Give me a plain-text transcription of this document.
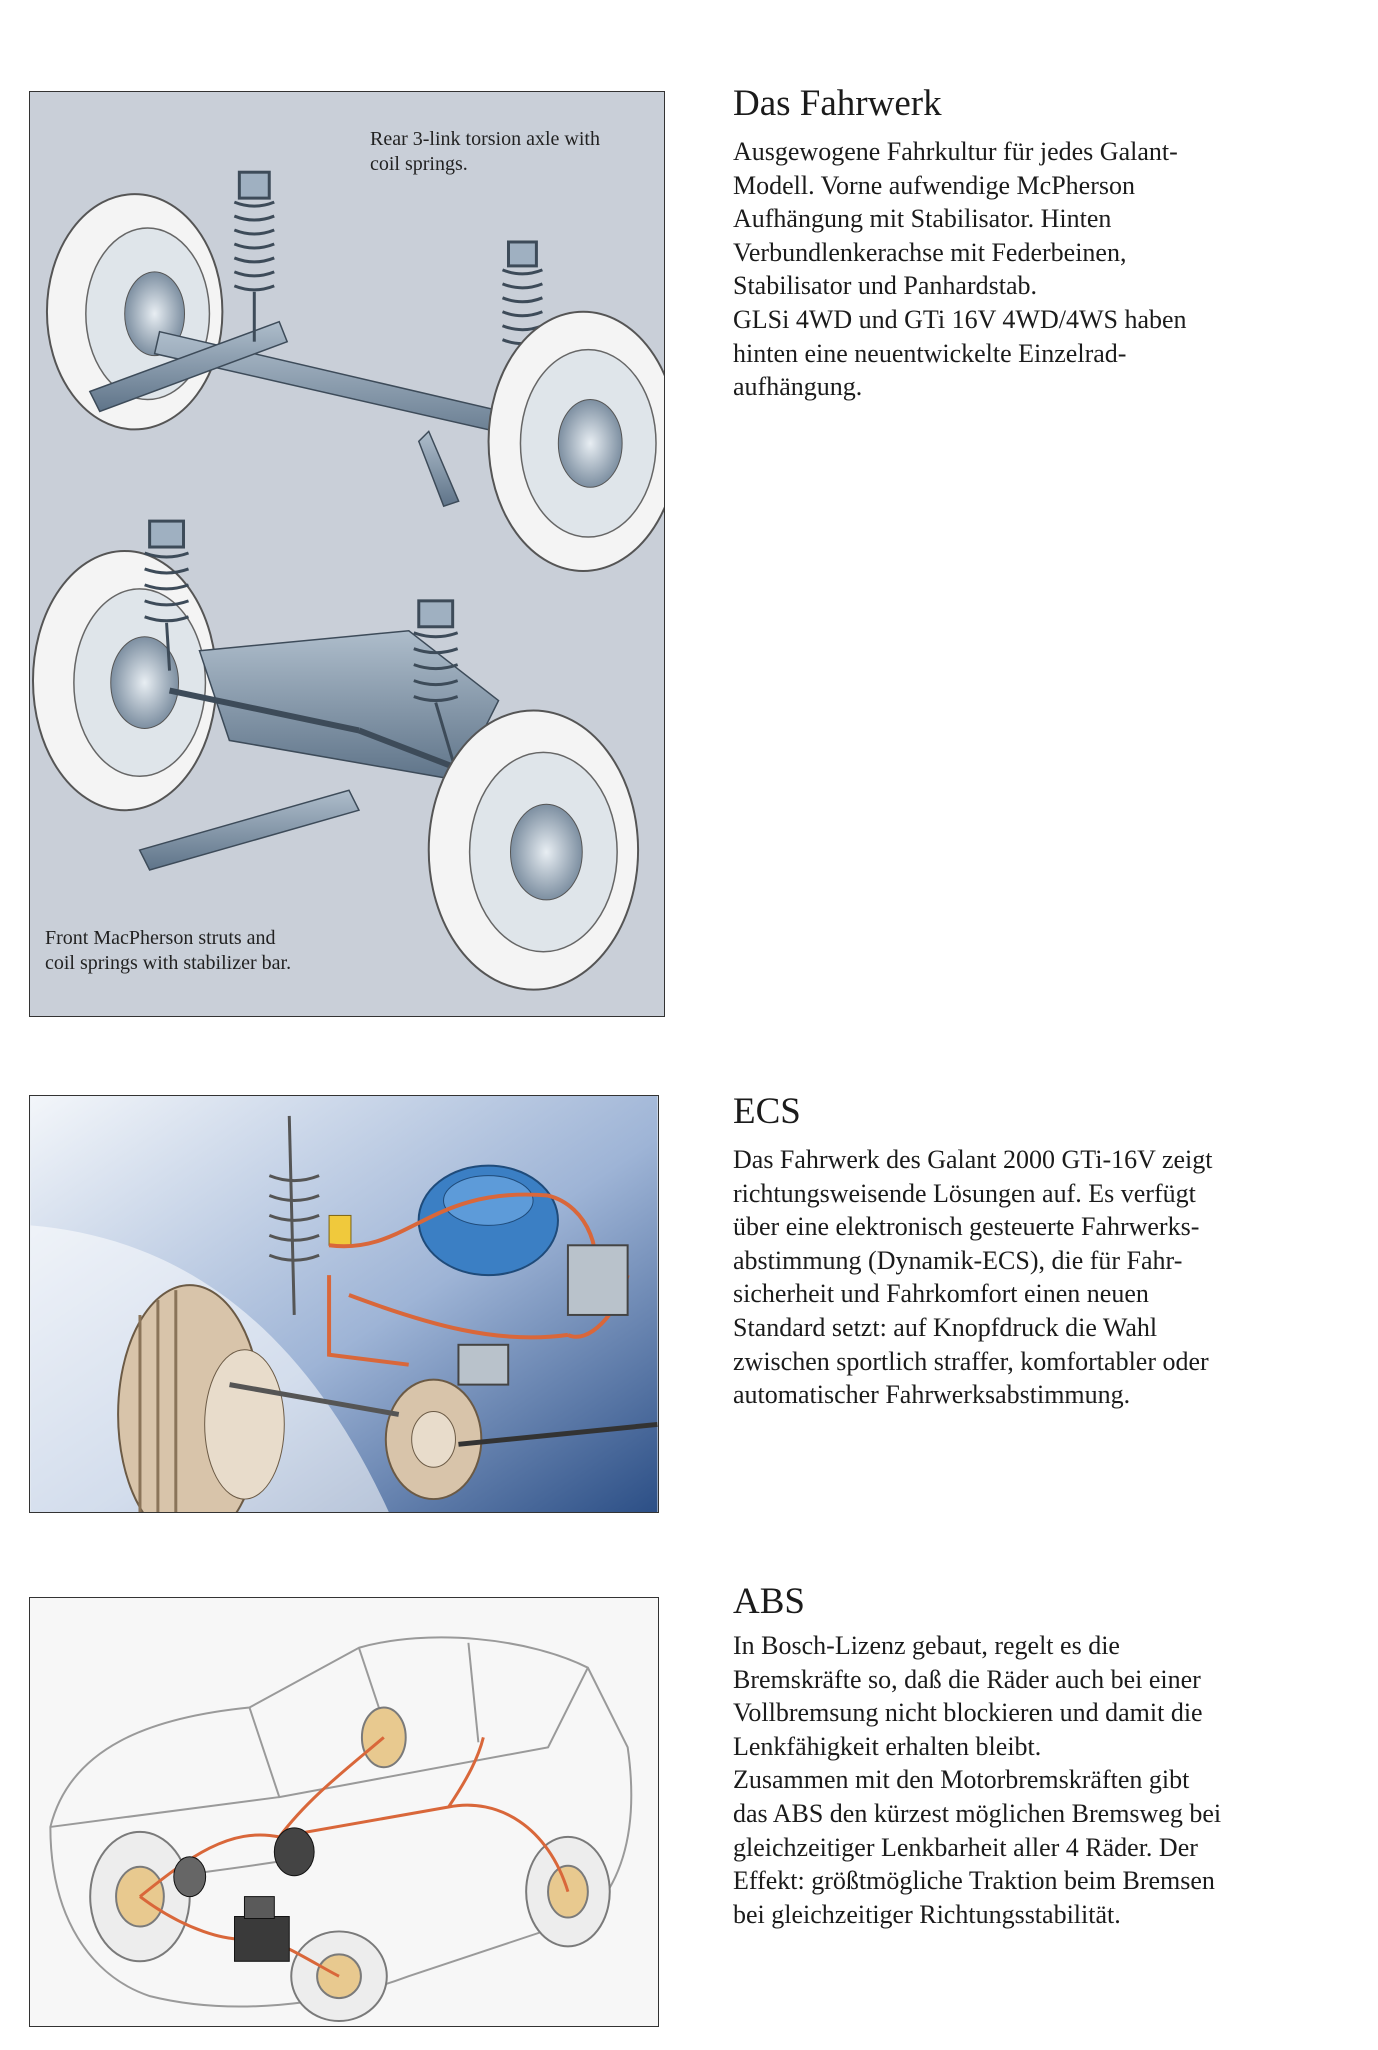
Rear 3-link torsion axle with
coil springs.
Front MacPherson struts and
coil springs with stabilizer bar.
Das Fahrwerk

Ausgewogene Fahrkultur für jedes Galant-
Modell. Vorne aufwendige McPherson
Aufhängung mit Stabilisator. Hinten
Verbundlenkerachse mit Federbeinen,
Stabilisator und Panhardstab.
GLSi 4WD und GTi 16V 4WD/4WS haben
hinten eine neuentwickelte Einzelrad-
aufhängung.

ECS

Das Fahrwerk des Galant 2000 GTi-16V zeigt
richtungsweisende Lösungen auf. Es verfügt
über eine elektronisch gesteuerte Fahrwerks-
abstimmung (Dynamik-ECS), die für Fahr-
sicherheit und Fahrkomfort einen neuen
Standard setzt: auf Knopfdruck die Wahl
zwischen sportlich straffer, komfortabler oder
automatischer Fahrwerksabstimmung.

ABS

In Bosch-Lizenz gebaut, regelt es die
Bremskräfte so, daß die Räder auch bei einer
Vollbremsung nicht blockieren und damit die
Lenkfähigkeit erhalten bleibt.
Zusammen mit den Motorbremskräften gibt
das ABS den kürzest möglichen Bremsweg bei
gleichzeitiger Lenkbarheit aller 4 Räder. Der
Effekt: größtmögliche Traktion beim Bremsen
bei gleichzeitiger Richtungsstabilität.
